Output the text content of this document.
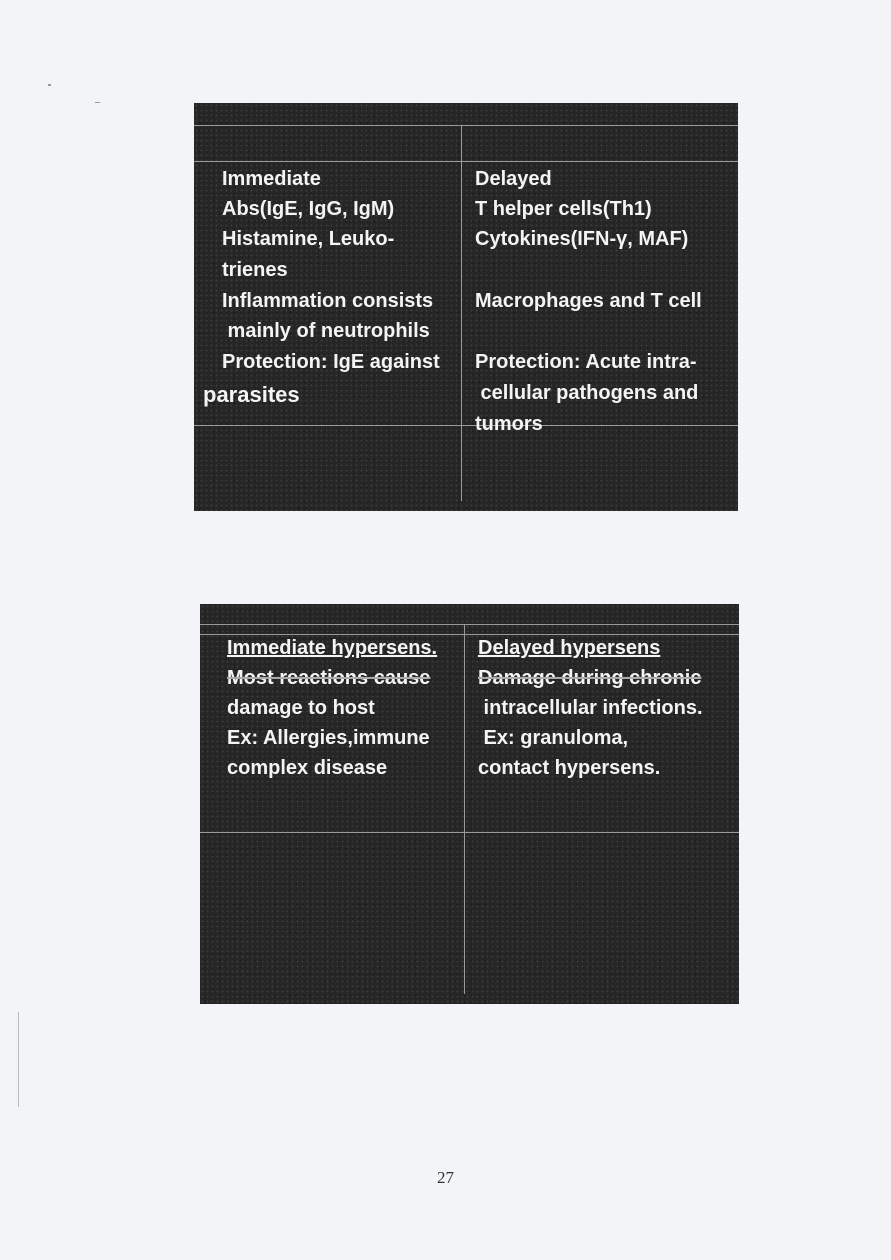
Immediate
Abs(IgE, IgG, IgM)
Histamine, Leuko-
trienes
Inflammation consists
mainly of neutrophils
Protection: IgE against
parasites
Delayed
T helper cells(Th1)
Cytokines(IFN-γ, MAF)
Macrophages and T cell
Protection: Acute intra-
cellular pathogens and
tumors
Immediate hypersens. Delayed hypersens
Most reactions cause
damage to host
Ex: Allergies,immune
complex disease
Damage during chronic
intracellular infections.
Ex: granuloma,
contact hypersens.
27
